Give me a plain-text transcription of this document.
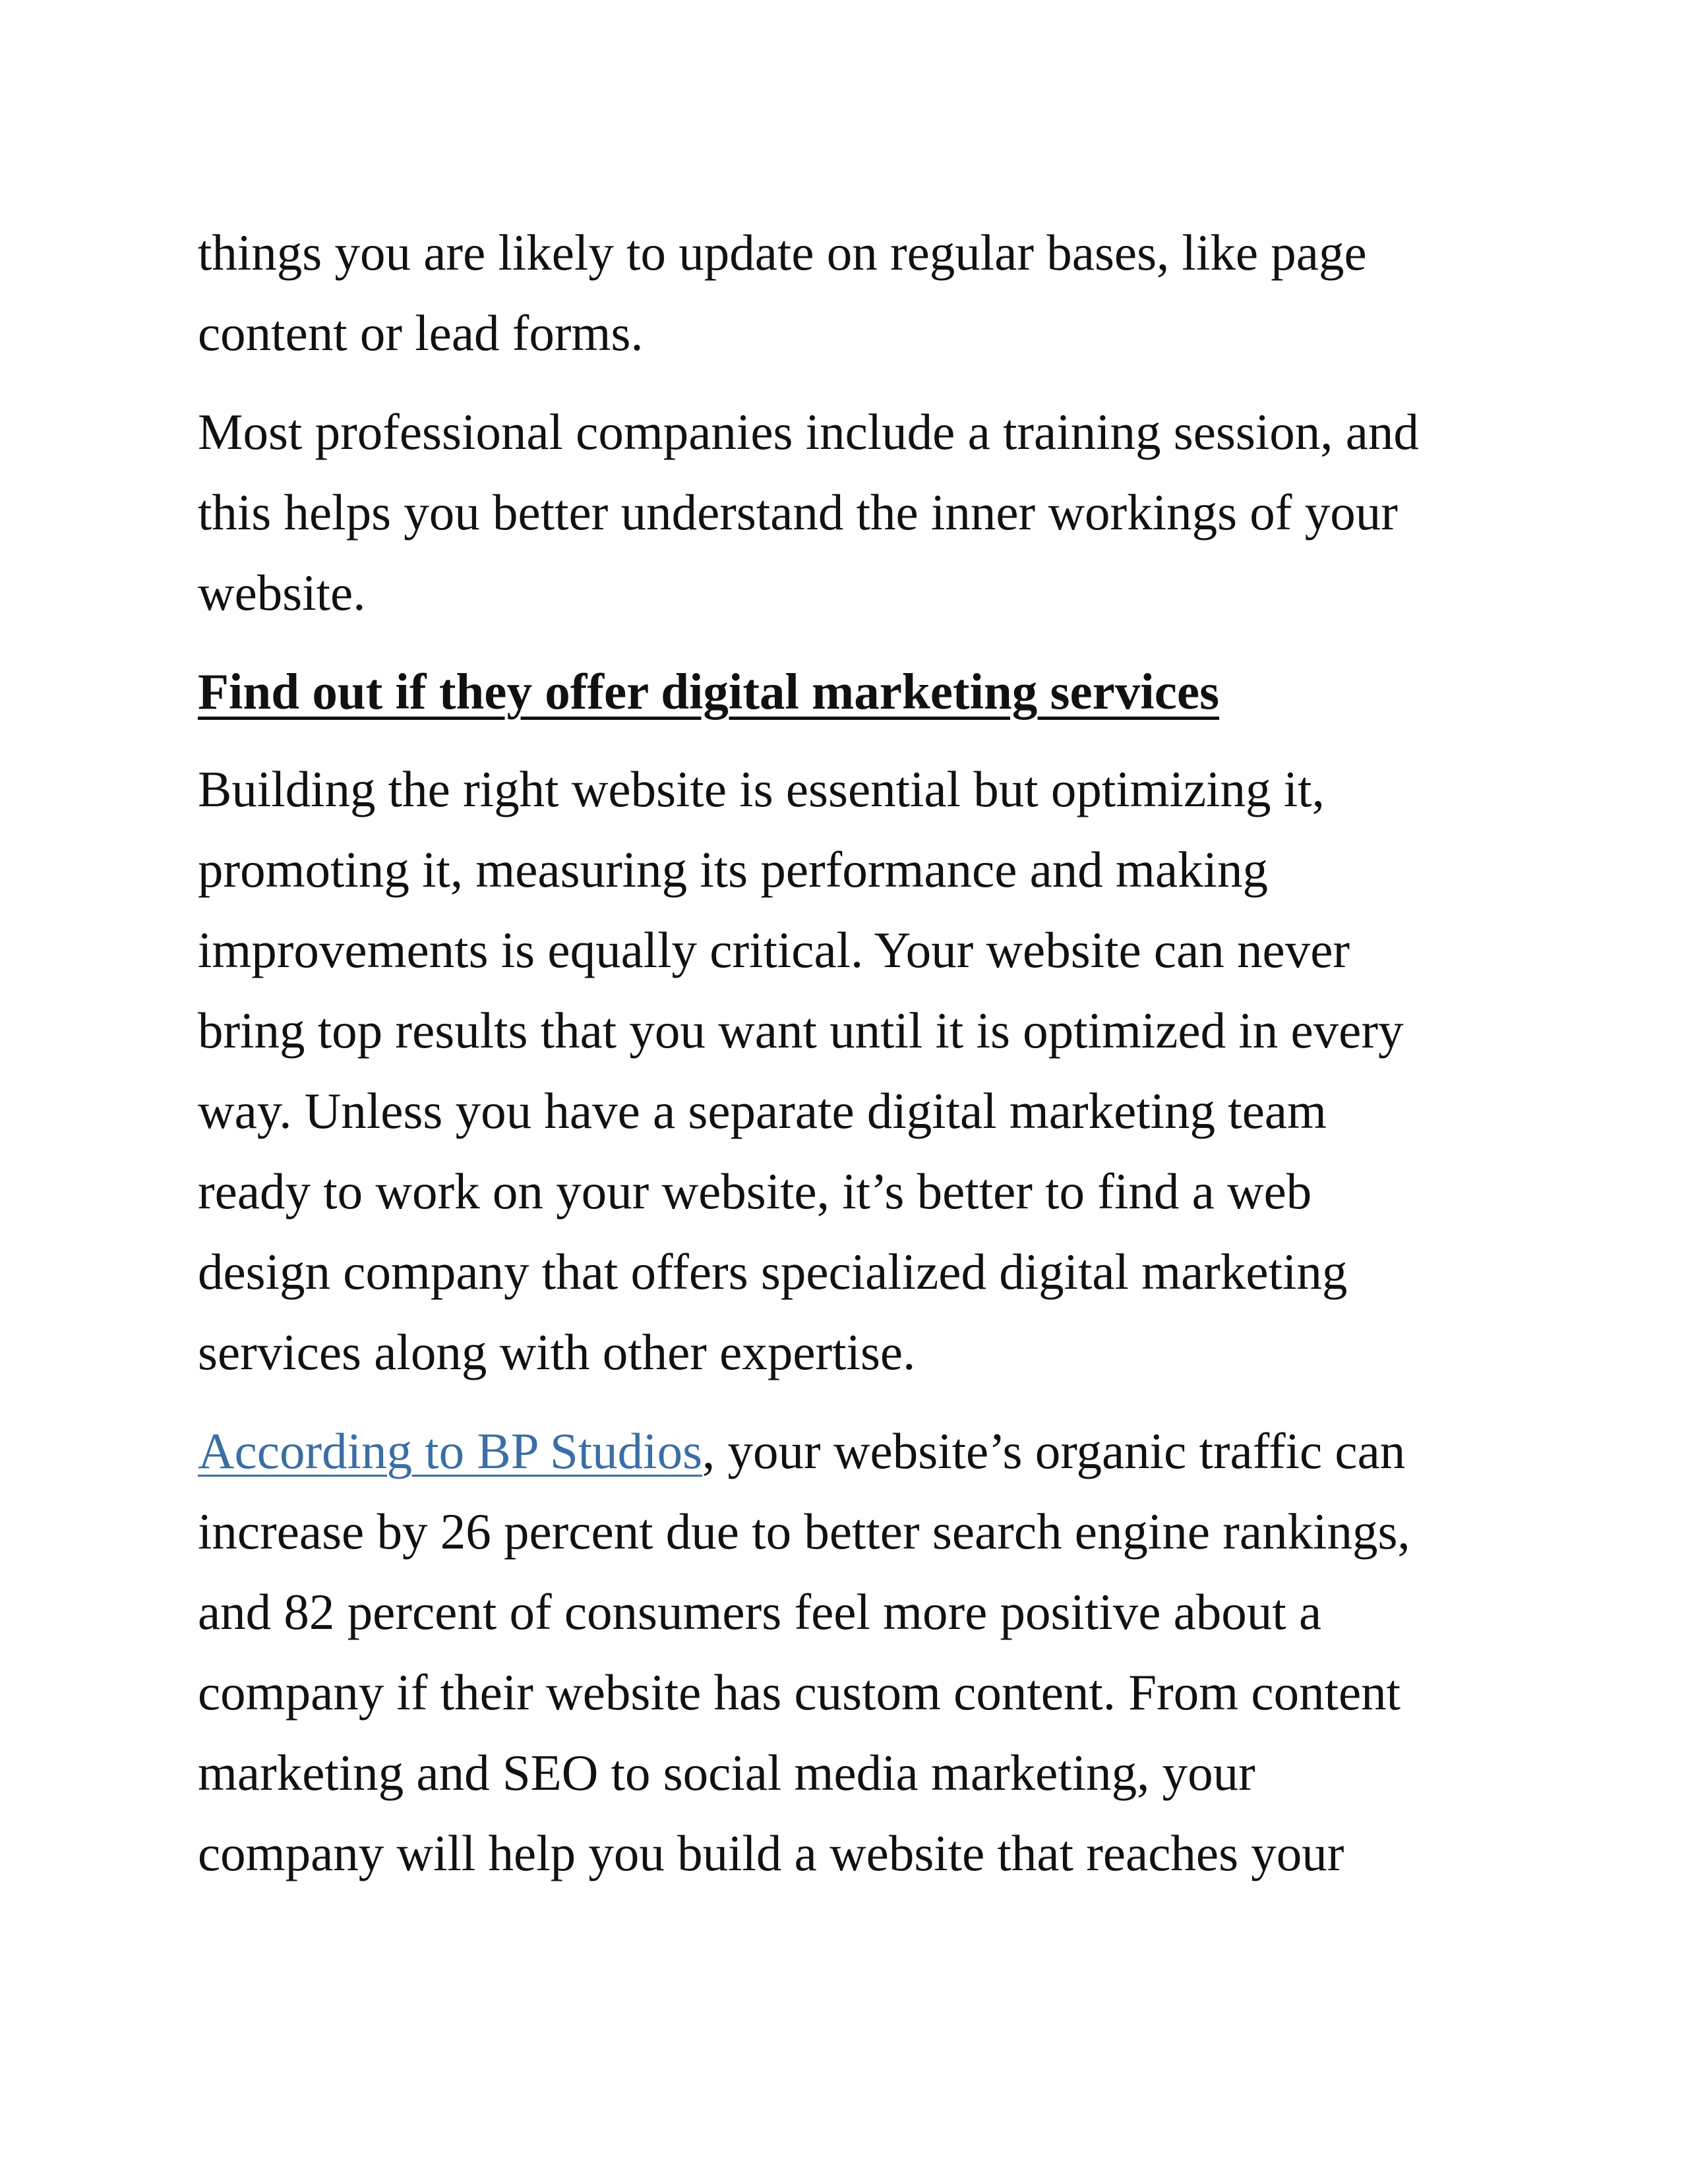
things you are likely to update on regular bases, like page
content or lead forms.

Most professional companies include a training session, and
this helps you better understand the inner workings of your
website.

Find out if they offer digital marketing services

Building the right website is essential but optimizing it,
promoting it, measuring its performance and making
improvements is equally critical. Your website can never
bring top results that you want until it is optimized in every
way. Unless you have a separate digital marketing team
ready to work on your website, it’s better to find a web
design company that offers specialized digital marketing
services along with other expertise.

According to BP Studios, your website’s organic traffic can
increase by 26 percent due to better search engine rankings,
and 82 percent of consumers feel more positive about a
company if their website has custom content. From content
marketing and SEO to social media marketing, your
company will help you build a website that reaches your
